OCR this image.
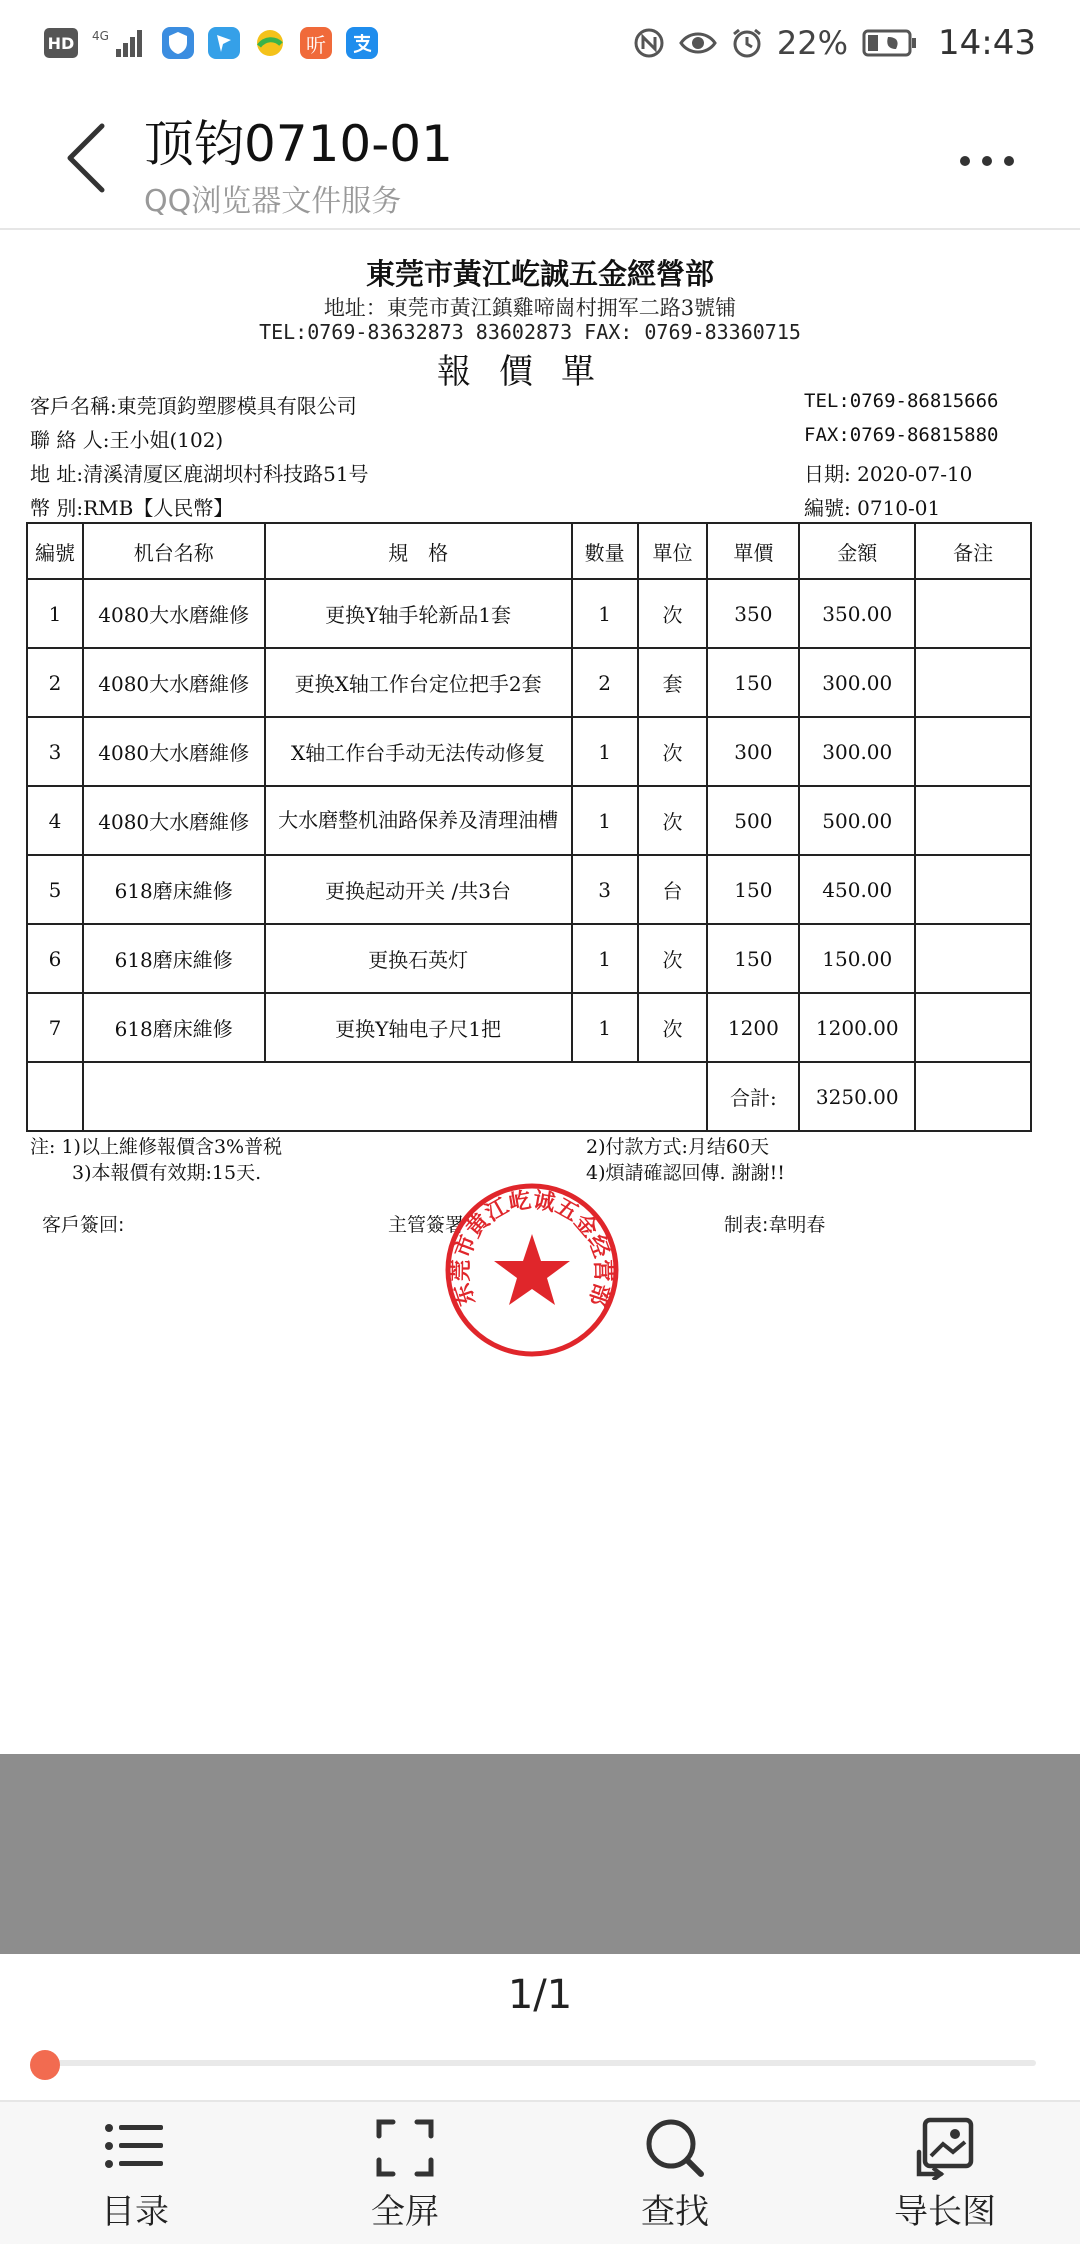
HD	4G	听	22%	14:43
顶钧0710-01
QQ浏览器文件服务
東莞市黃江屹誠五金經營部
地址：東莞市黃江鎮雞啼崗村拥军二路3號铺
TEL:0769-83632873 83602873 FAX: 0769-83360715
報價單
客戶名稱:東莞頂鈞塑膠模具有限公司
聯 絡 人:王小姐(102)
地 址:清溪清厦区鹿湖坝村科技路51号
幣 別:RMB【人民幣】
TEL:0769-86815666
FAX:0769-86815880
日期: 2020-07-10
編號: 0710-01
編號	机台名称	規　格	數量	單位	單價	金額	备注
1	4080大水磨維修	更换Y轴手轮新品1套	1	次	350	350.00	
2	4080大水磨維修	更换X轴工作台定位把手2套	2	套	150	300.00	
3	4080大水磨維修	X轴工作台手动无法传动修复	1	次	300	300.00	
4	4080大水磨維修	大水磨整机油路保养及清理油槽	1	次	500	500.00	
5	618磨床維修	更换起动开关 /共3台	3	台	150	450.00	
6	618磨床維修	更换石英灯	1	次	150	150.00	
7	618磨床維修	更换Y轴电子尺1把	1	次	1200	1200.00	
					合計:	3250.00	
注: 1)以上維修報價含3%普税	2)付款方式:月结60天
3)本報價有效期:15天.	4)煩請確認回傳. 謝謝!!
客戶簽回:	主管簽署	制表:韋明春
东莞市黄江屹诚五金经营部
1/1
目录	全屏	查找	导长图
